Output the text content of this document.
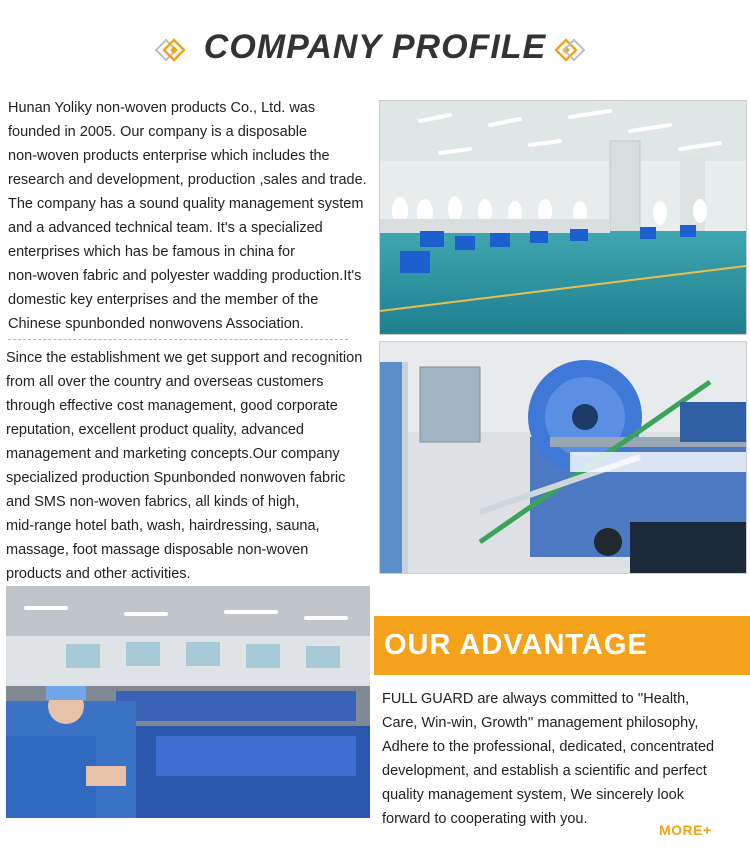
COMPANY PROFILE

Hunan Yoliky non-woven products Co., Ltd. was

founded in 2005. Our company is a disposable

non-woven products enterprise which includes the

research and development, production ,sales and trade.

The company has a sound quality management system

and a advanced technical team. It's a specialized

enterprises which has be famous in china for

non-woven fabric and polyester wadding production.It's

domestic key enterprises and the member of the

Chinese spunbonded nonwovens Association.

Since the establishment we get support and recognition

from all over the country and overseas customers

through effective cost management, good corporate

reputation, excellent product quality, advanced

management and marketing concepts.Our company

specialized production Spunbonded nonwoven fabric

and SMS non-woven fabrics, all kinds of high,

mid-range hotel bath, wash, hairdressing, sauna,

massage, foot massage disposable non-woven

products and other activities.

OUR ADVANTAGE

FULL GUARD are always committed to ''Health,

Care, Win-win, Growth'' management philosophy,

Adhere to the professional, dedicated, concentrated

development, and establish a scientific and perfect

quality management system, We sincerely look

forward to cooperating with you.

MORE+
